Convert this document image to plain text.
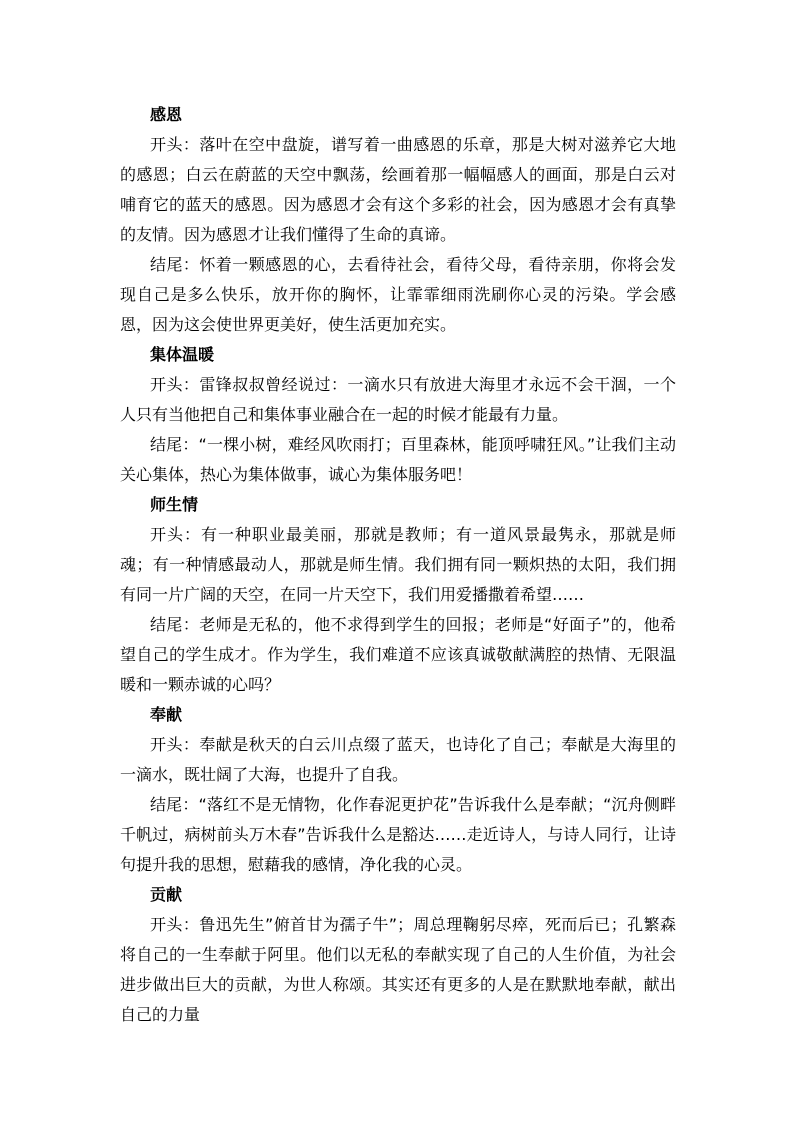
感恩

开头：落叶在空中盘旋，谱写着一曲感恩的乐章，那是大树对滋养它大地的感恩；白云在蔚蓝的天空中飘荡，绘画着那一幅幅感人的画面，那是白云对哺育它的蓝天的感恩。因为感恩才会有这个多彩的社会，因为感恩才会有真挚的友情。因为感恩才让我们懂得了生命的真谛。

结尾：怀着一颗感恩的心，去看待社会，看待父母，看待亲朋，你将会发现自己是多么快乐，放开你的胸怀，让霏霏细雨洗刷你心灵的污染。学会感恩，因为这会使世界更美好，使生活更加充实。

集体温暖

开头：雷锋叔叔曾经说过：一滴水只有放进大海里才永远不会干涸，一个人只有当他把自己和集体事业融合在一起的时候才能最有力量。

结尾：“一棵小树，难经风吹雨打；百里森林，能顶呼啸狂风。”让我们主动关心集体，热心为集体做事，诚心为集体服务吧！

师生情

开头：有一种职业最美丽，那就是教师；有一道风景最隽永，那就是师魂；有一种情感最动人，那就是师生情。我们拥有同一颗炽热的太阳，我们拥有同一片广阔的天空，在同一片天空下，我们用爱播撒着希望……

结尾：老师是无私的，他不求得到学生的回报；老师是“好面子”的，他希望自己的学生成才。作为学生，我们难道不应该真诚敬献满腔的热情、无限温暖和一颗赤诚的心吗？

奉献

开头：奉献是秋天的白云川点缀了蓝天，也诗化了自己；奉献是大海里的一滴水，既壮阔了大海，也提升了自我。

结尾：“落红不是无情物，化作春泥更护花”告诉我什么是奉献；“沉舟侧畔千帆过，病树前头万木春”告诉我什么是豁达……走近诗人，与诗人同行，让诗句提升我的思想，慰藉我的感情，净化我的心灵。

贡献

开头：鲁迅先生”俯首甘为孺子牛”；周总理鞠躬尽瘁，死而后已；孔繁森将自己的一生奉献于阿里。他们以无私的奉献实现了自己的人生价值，为社会进步做出巨大的贡献，为世人称颂。其实还有更多的人是在默默地奉献，献出自己的力量
